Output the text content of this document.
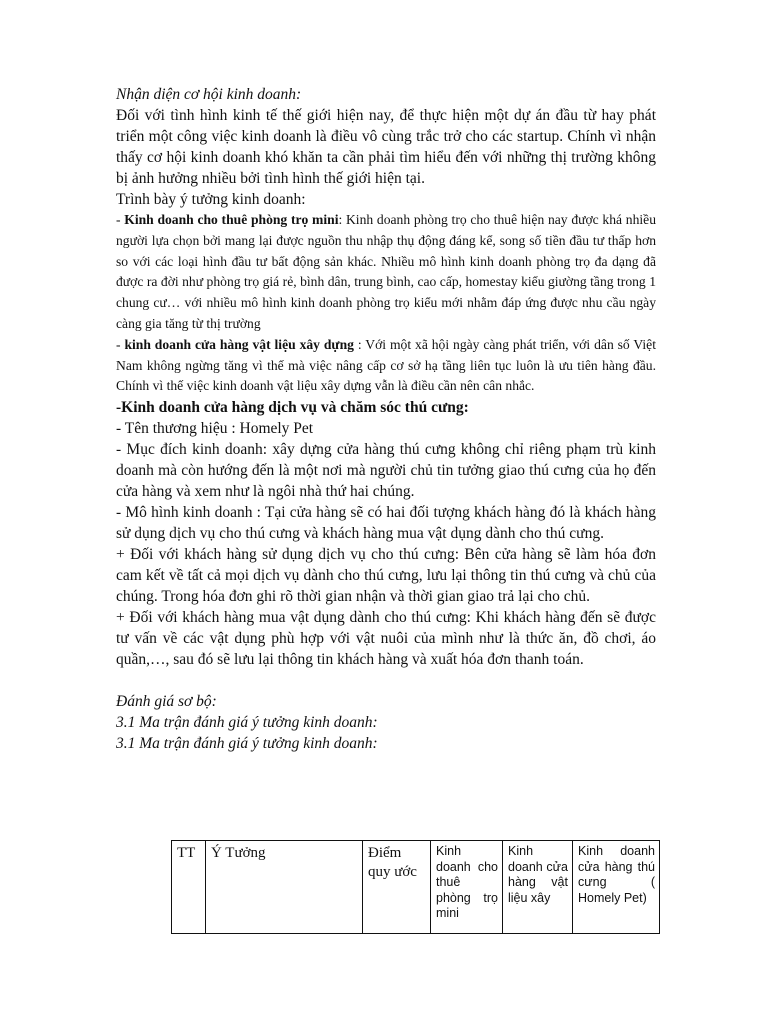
Nhận diện cơ hội kinh doanh:

Đối với tình hình kinh tế thế giới hiện nay, để thực hiện một dự án đầu từ hay phát triển một công việc kinh doanh là điều vô cùng trắc trở cho các startup. Chính vì nhận thấy cơ hội kinh doanh khó khăn ta cần phải tìm hiểu đến với những thị trường không bị ảnh hưởng nhiều bởi tình hình thế giới hiện tại.

Trình bày ý tưởng kinh doanh:

- Kinh doanh cho thuê phòng trọ mini: Kinh doanh phòng trọ cho thuê hiện nay được khá nhiều người lựa chọn bởi mang lại được nguồn thu nhập thụ động đáng kể, song số tiền đầu tư thấp hơn so với các loại hình đầu tư bất động sản khác. Nhiều mô hình kinh doanh phòng trọ đa dạng đã được ra đời như phòng trọ giá rẻ, bình dân, trung bình, cao cấp, homestay kiểu giường tầng trong 1 chung cư… với nhiều mô hình kinh doanh phòng trọ kiểu mới nhằm đáp ứng được nhu cầu ngày càng gia tăng từ thị trường

- kinh doanh cửa hàng vật liệu xây dựng : Với một xã hội ngày càng phát triển, với dân số Việt Nam không ngừng tăng vì thế mà việc nâng cấp cơ sở hạ tầng liên tục luôn là ưu tiên hàng đầu. Chính vì thế việc kinh doanh vật liệu xây dựng vẫn là điều cần nên cân nhắc.

-Kinh doanh cửa hàng dịch vụ và chăm sóc thú cưng:

- Tên thương hiệu : Homely Pet

- Mục đích kinh doanh: xây dựng cửa hàng thú cưng không chỉ riêng phạm trù kinh doanh mà còn hướng đến là một nơi mà người chủ tin tưởng giao thú cưng của họ đến cửa hàng và xem như là ngôi nhà thứ hai chúng.

- Mô hình kinh doanh : Tại cửa hàng sẽ có hai đối tượng khách hàng đó là khách hàng sử dụng dịch vụ cho thú cưng và khách hàng mua vật dụng dành cho thú cưng.

+ Đối với khách hàng sử dụng dịch vụ cho thú cưng: Bên cửa hàng sẽ làm hóa đơn cam kết về tất cả mọi dịch vụ dành cho thú cưng, lưu lại thông tin thú cưng và chủ của chúng. Trong hóa đơn ghi rõ thời gian nhận và thời gian giao trả lại cho chủ.

+ Đối với khách hàng mua vật dụng dành cho thú cưng: Khi khách hàng đến sẽ được tư vấn về các vật dụng phù hợp với vật nuôi của mình như là thức ăn, đồ chơi, áo quần,…, sau đó sẽ lưu lại thông tin khách hàng và xuất hóa đơn thanh toán.

Đánh giá sơ bộ:

3.1 Ma trận đánh giá ý tưởng kinh doanh:

3.1 Ma trận đánh giá ý tưởng kinh doanh:

TT	Ý Tưởng	Điểm quy ước	Kinh doanh cho thuê phòng trọ mini	Kinh doanh cửa hàng vật liệu xây	Kinh doanh cửa hàng thú cưng ( Homely Pet)
